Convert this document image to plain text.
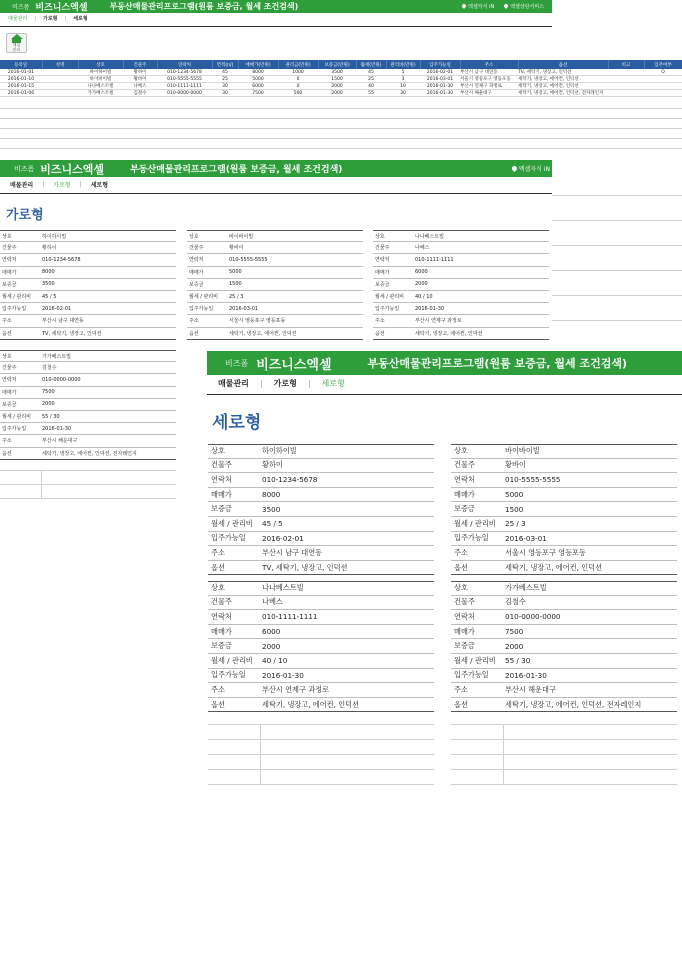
비즈폼 비즈니스엑셀	부동산매물관리프로그램(원룸 보증금, 월세 조건검색)	엑셀자식 iN	엑셀상담서비스
매물관리 | 가로형 | 세로형
매물
관리
등록일	성명	상호	건물주	연락처	면적(㎡)	매매가(만원)	권리금(만원)	보증금(만원)	월세(만원)	관리비(만원)	입주가능일	주소	옵션	비고	입주여부
2016-01-01		하이하이빌	황하이	010-1234-5678	45	8000	1000	3500	45	5	2016-02-01	부산시 남구 대연동	TV, 세탁기, 냉장고, 인덕션		O
2016-01-10		바이바이빌	황바이	010-5555-5555	25	5000	0	1500	25	3	2016-03-01	서울시 영등포구 영등포동	세탁기, 냉장고, 에어컨, 인덕션		
2016-01-15		나나베스트빌	나베스	010-1111-1111	30	6000	0	2000	40	10	2016-01-30	부산시 연제구 과정로	세탁기, 냉장고, 에어컨, 인덕션		
2016-01-06		가가베스트빌	김철수	010-0000-0000	30	7500	500	2000	55	30	2016-01-30	부산시 해운대구	세탁기, 냉장고, 에어컨, 인덕션, 전자레인지		
비즈폼 비즈니스엑셀	부동산매물관리프로그램(원룸 보증금, 월세 조건검색)	엑셀자식 iN
매물관리 | 가로형 | 세로형
가로형
상호	하이하이빌
건물주	황하이
연락처	010-1234-5678
매매가	8000
보증금	3500
월세 / 관리비	45 / 5
입주가능일	2016-02-01
주소	부산시 남구 대연동
옵션	TV, 세탁기, 냉장고, 인덕션
상호	바이바이빌
건물주	황바이
연락처	010-5555-5555
매매가	5000
보증금	1500
월세 / 관리비	25 / 3
입주가능일	2016-03-01
주소	서울시 영등포구 영등포동
옵션	세탁기, 냉장고, 에어컨, 인덕션
상호	나나베스트빌
건물주	나베스
연락처	010-1111-1111
매매가	6000
보증금	2000
월세 / 관리비	40 / 10
입주가능일	2016-01-30
주소	부산시 연제구 과정로
옵션	세탁기, 냉장고, 에어컨, 인덕션
상호	가가베스트빌
건물주	김철수
연락처	010-0000-0000
매매가	7500
보증금	2000
월세 / 관리비	55 / 30
입주가능일	2016-01-30
주소	부산시 해운대구
옵션	세탁기, 냉장고, 에어컨, 인덕션, 전자레인지
비즈폼 비즈니스엑셀	부동산매물관리프로그램(원룸 보증금, 월세 조건검색)
매물관리 | 가로형 | 세로형
세로형
상호	하이하이빌
건물주	황하이
연락처	010-1234-5678
매매가	8000
보증금	3500
월세 / 관리비	45 / 5
입주가능일	2016-02-01
주소	부산시 남구 대연동
옵션	TV, 세탁기, 냉장고, 인덕션
상호	바이바이빌
건물주	황바이
연락처	010-5555-5555
매매가	5000
보증금	1500
월세 / 관리비	25 / 3
입주가능일	2016-03-01
주소	서울시 영등포구 영등포동
옵션	세탁기, 냉장고, 에어컨, 인덕션
상호	나나베스트빌
건물주	나베스
연락처	010-1111-1111
매매가	6000
보증금	2000
월세 / 관리비	40 / 10
입주가능일	2016-01-30
주소	부산시 연제구 과정로
옵션	세탁기, 냉장고, 에어컨, 인덕션
상호	가가베스트빌
건물주	김철수
연락처	010-0000-0000
매매가	7500
보증금	2000
월세 / 관리비	55 / 30
입주가능일	2016-01-30
주소	부산시 해운대구
옵션	세탁기, 냉장고, 에어컨, 인덕션, 전자레인지
